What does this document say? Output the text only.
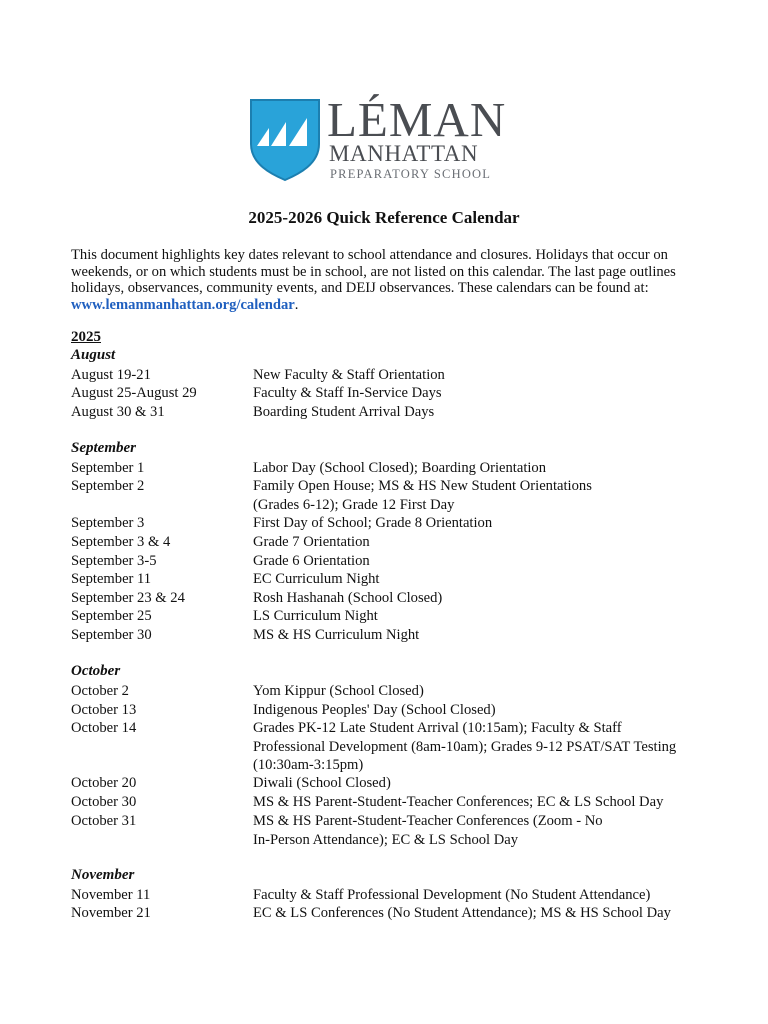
LÉMAN
MANHATTAN
PREPARATORY SCHOOL
2025-2026 Quick Reference Calendar
This document highlights key dates relevant to school attendance and closures. Holidays that occur on weekends, or on which students must be in school, are not listed on this calendar. The last page outlines holidays, observances, community events, and DEIJ observances. These calendars can be found at: www.lemanmanhattan.org/calendar.
2025
August
August 19-21	New Faculty & Staff Orientation
August 25-August 29	Faculty & Staff In-Service Days
August 30 & 31	Boarding Student Arrival Days
September
September 1	Labor Day (School Closed); Boarding Orientation
September 2	Family Open House; MS & HS New Student Orientations
(Grades 6-12); Grade 12 First Day
September 3	First Day of School; Grade 8 Orientation
September 3 & 4	Grade 7 Orientation
September 3-5	Grade 6 Orientation
September 11	EC Curriculum Night
September 23 & 24	Rosh Hashanah (School Closed)
September 25	LS Curriculum Night
September 30	MS & HS Curriculum Night
October
October 2	Yom Kippur (School Closed)
October 13	Indigenous Peoples' Day (School Closed)
October 14	Grades PK-12 Late Student Arrival (10:15am); Faculty & Staff
Professional Development (8am-10am); Grades 9-12 PSAT/SAT Testing
(10:30am-3:15pm)
October 20	Diwali (School Closed)
October 30	MS & HS Parent-Student-Teacher Conferences; EC & LS School Day
October 31	MS & HS Parent-Student-Teacher Conferences (Zoom - No
In-Person Attendance); EC & LS School Day
November
November 11	Faculty & Staff Professional Development (No Student Attendance)
November 21	EC & LS Conferences (No Student Attendance); MS & HS School Day
